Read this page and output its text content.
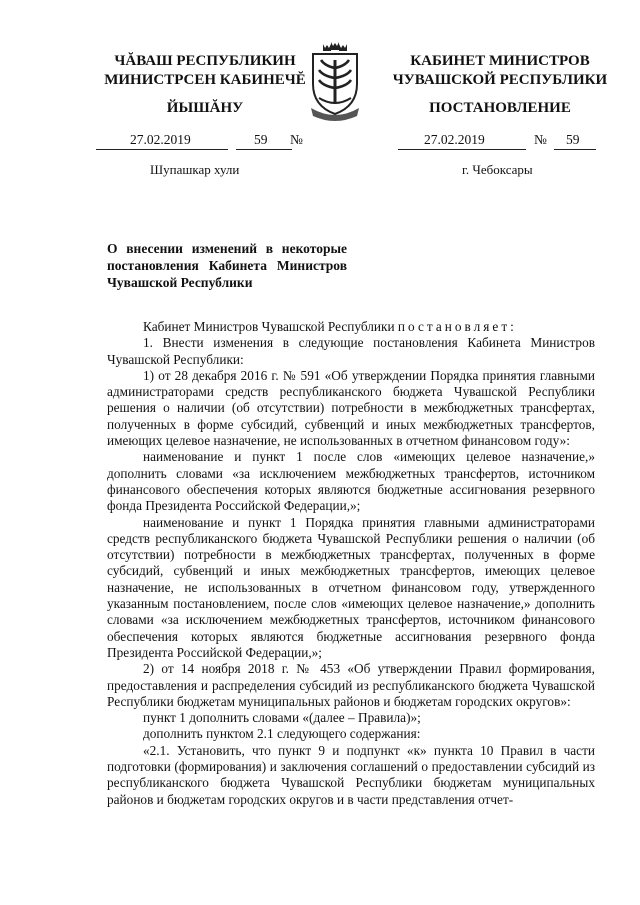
ЧĂВАШ РЕСПУБЛИКИН
МИНИСТРСЕН КАБИНЕЧĔ
ЙЫШĂНУ
КАБИНЕТ МИНИСТРОВ
ЧУВАШСКОЙ РЕСПУБЛИКИ
ПОСТАНОВЛЕНИЕ
27.02.2019	59 №	27.02.2019	№ 59
Шупашкар хули	г. Чебоксары
О внесении изменений в некоторые постановления Кабинета Министров Чувашской Республики

Кабинет Министров Чувашской Республики постановляет:

1. Внести изменения в следующие постановления Кабинета Министров Чувашской Республики:

1) от 28 декабря 2016 г. № 591 «Об утверждении Порядка принятия главными администраторами средств республиканского бюджета Чувашской Республики решения о наличии (об отсутствии) потребности в межбюджетных трансфертах, полученных в форме субсидий, субвенций и иных межбюджетных трансфертов, имеющих целевое назначение, не использованных в отчетном финансовом году»:

наименование и пункт 1 после слов «имеющих целевое назначение,» дополнить словами «за исключением межбюджетных трансфертов, источником финансового обеспечения которых являются бюджетные ассигнования резервного фонда Президента Российской Федерации,»;

наименование и пункт 1 Порядка принятия главными администраторами средств республиканского бюджета Чувашской Республики решения о наличии (об отсутствии) потребности в межбюджетных трансфертах, полученных в форме субсидий, субвенций и иных межбюджетных трансфертов, имеющих целевое назначение, не использованных в отчетном финансовом году, утвержденного указанным постановлением, после слов «имеющих целевое назначение,» дополнить словами «за исключением межбюджетных трансфертов, источником финансового обеспечения которых являются бюджетные ассигнования резервного фонда Президента Российской Федерации,»;

2) от 14 ноября 2018 г. № 453 «Об утверждении Правил формирования, предоставления и распределения субсидий из республиканского бюджета Чувашской Республики бюджетам муниципальных районов и бюджетам городских округов»:

пункт 1 дополнить словами «(далее – Правила)»;

дополнить пунктом 2.1 следующего содержания:

«2.1. Установить, что пункт 9 и подпункт «к» пункта 10 Правил в части подготовки (формирования) и заключения соглашений о предоставлении субсидий из республиканского бюджета Чувашской Республики бюджетам муниципальных районов и бюджетам городских округов и в части представления отчет-
